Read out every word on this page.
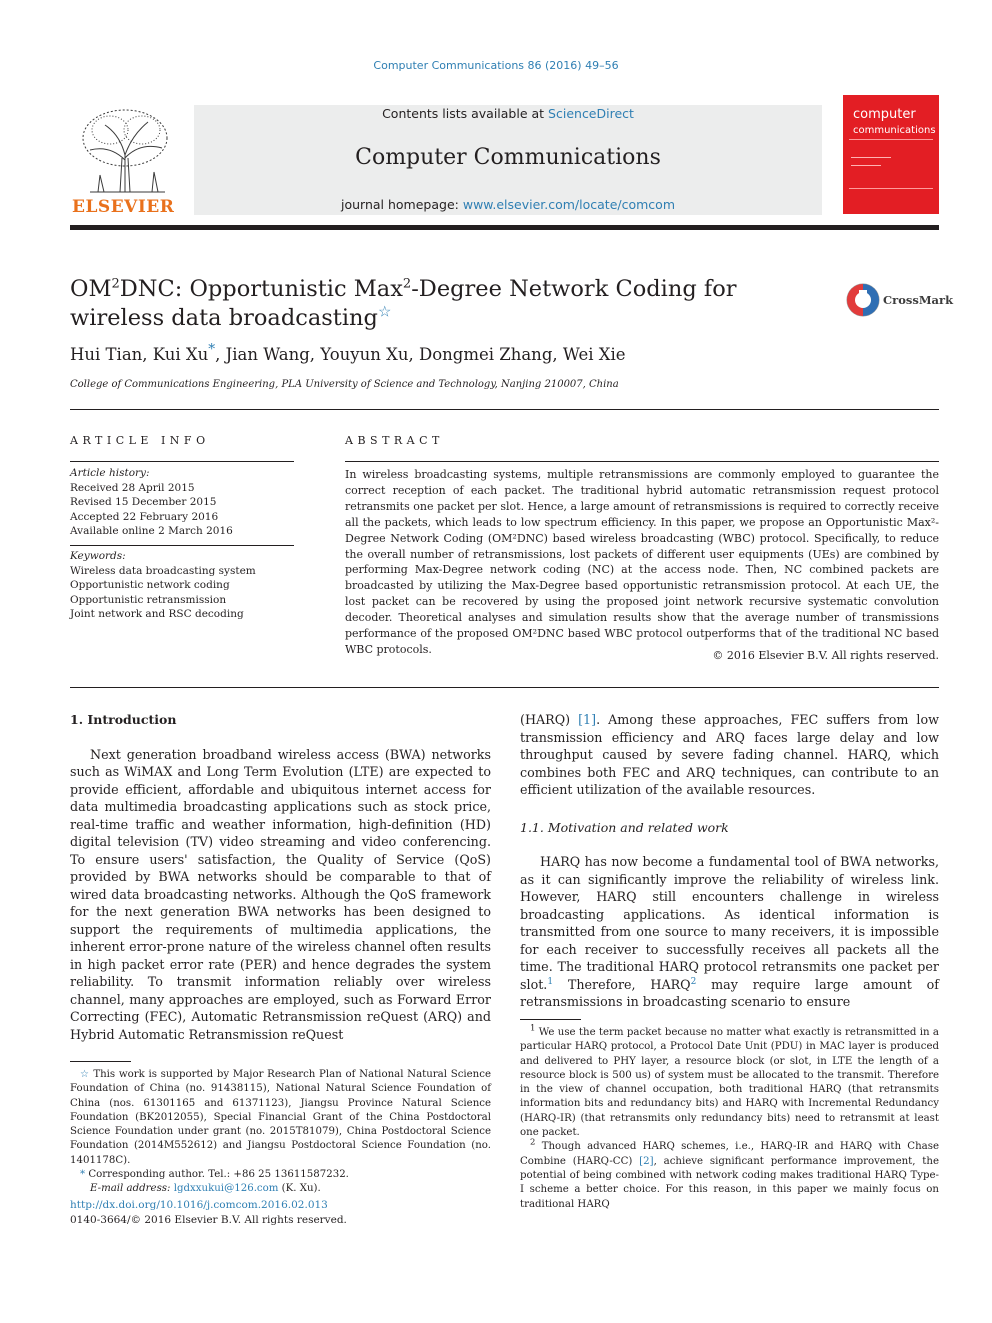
Computer Communications 86 (2016) 49–56
ELSEVIER
Contents lists available at ScienceDirect
Computer Communications
journal homepage: www.elsevier.com/locate/comcom
computer
communications
$OM^2DNC$: Opportunistic Max$^2$-Degree Network Coding for wireless data broadcasting☆
CrossMark
Hui Tian, Kui Xu*, Jian Wang, Youyun Xu, Dongmei Zhang, Wei Xie
College of Communications Engineering, PLA University of Science and Technology, Nanjing 210007, China
ARTICLE INFO	ABSTRACT
Article history:
Received 28 April 2015
Revised 15 December 2015
Accepted 22 February 2016
Available online 2 March 2016
Keywords:
Wireless data broadcasting system
Opportunistic network coding
Opportunistic retransmission
Joint network and RSC decoding
In wireless broadcasting systems, multiple retransmissions are commonly employed to guarantee the correct reception of each packet. The traditional hybrid automatic retransmission request protocol retransmits one packet per slot. Hence, a large amount of retransmissions is required to correctly receive all the packets, which leads to low spectrum efficiency. In this paper, we propose an Opportunistic Max²-Degree Network Coding (OM²DNC) based wireless broadcasting (WBC) protocol. Specifically, to reduce the overall number of retransmissions, lost packets of different user equipments (UEs) are combined by performing Max-Degree network coding (NC) at the access node. Then, NC combined packets are broadcasted by utilizing the Max-Degree based opportunistic retransmission protocol. At each UE, the lost packet can be recovered by using the proposed joint network recursive systematic convolution decoder. Theoretical analyses and simulation results show that the average number of transmissions performance of the proposed OM²DNC based WBC protocol outperforms that of the traditional NC based WBC protocols.	© 2016 Elsevier B.V. All rights reserved.
1. Introduction

Next generation broadband wireless access (BWA) networks such as WiMAX and Long Term Evolution (LTE) are expected to provide efficient, affordable and ubiquitous internet access for data multimedia broadcasting applications such as stock price, real-time traffic and weather information, high-definition (HD) digital television (TV) video streaming and video conferencing. To ensure users' satisfaction, the Quality of Service (QoS) provided by BWA networks should be comparable to that of wired data broadcasting networks. Although the QoS framework for the next generation BWA networks has been designed to support the requirements of multimedia applications, the inherent error-prone nature of the wireless channel often results in high packet error rate (PER) and hence degrades the system reliability. To transmit information reliably over wireless channel, many approaches are employed, such as Forward Error Correcting (FEC), Automatic Retransmission reQuest (ARQ) and Hybrid Automatic Retransmission reQuest

(HARQ) [1]. Among these approaches, FEC suffers from low transmission efficiency and ARQ faces large delay and low throughput caused by severe fading channel. HARQ, which combines both FEC and ARQ techniques, can contribute to an efficient utilization of the available resources.

1.1. Motivation and related work

HARQ has now become a fundamental tool of BWA networks, as it can significantly improve the reliability of wireless link. However, HARQ still encounters challenge in wireless broadcasting applications. As identical information is transmitted from one source to many receivers, it is impossible for each receiver to successfully receives all packets all the time. The traditional HARQ protocol retransmits one packet per slot.$^1$ Therefore, HARQ$^2$ may require large amount of retransmissions in broadcasting scenario to ensure

☆ This work is supported by Major Research Plan of National Natural Science Foundation of China (no. 91438115), National Natural Science Foundation of China (nos. 61301165 and 61371123), Jiangsu Province Natural Science Foundation (BK2012055), Special Financial Grant of the China Postdoctoral Science Foundation under grant (no. 2015T81079), China Postdoctoral Science Foundation (2014M552612) and Jiangsu Postdoctoral Science Foundation (no. 1401178C).

* Corresponding author. Tel.: +86 25 13611587232.

E-mail address: lgdxxukui@126.com (K. Xu).

$^1$ We use the term packet because no matter what exactly is retransmitted in a particular HARQ protocol, a Protocol Date Unit (PDU) in MAC layer is produced and delivered to PHY layer, a resource block (or slot, in LTE the length of a resource block is 500 us) of system must be allocated to the transmit. Therefore in the view of channel occupation, both traditional HARQ (that retransmits information bits and redundancy bits) and HARQ with Incremental Redundancy (HARQ-IR) (that retransmits only redundancy bits) need to retransmit at least one packet.

$^2$ Though advanced HARQ schemes, i.e., HARQ-IR and HARQ with Chase Combine (HARQ-CC) [2], achieve significant performance improvement, the potential of being combined with network coding makes traditional HARQ Type-I scheme a better choice. For this reason, in this paper we mainly focus on traditional HARQ

http://dx.doi.org/10.1016/j.comcom.2016.02.013
0140-3664/© 2016 Elsevier B.V. All rights reserved.
